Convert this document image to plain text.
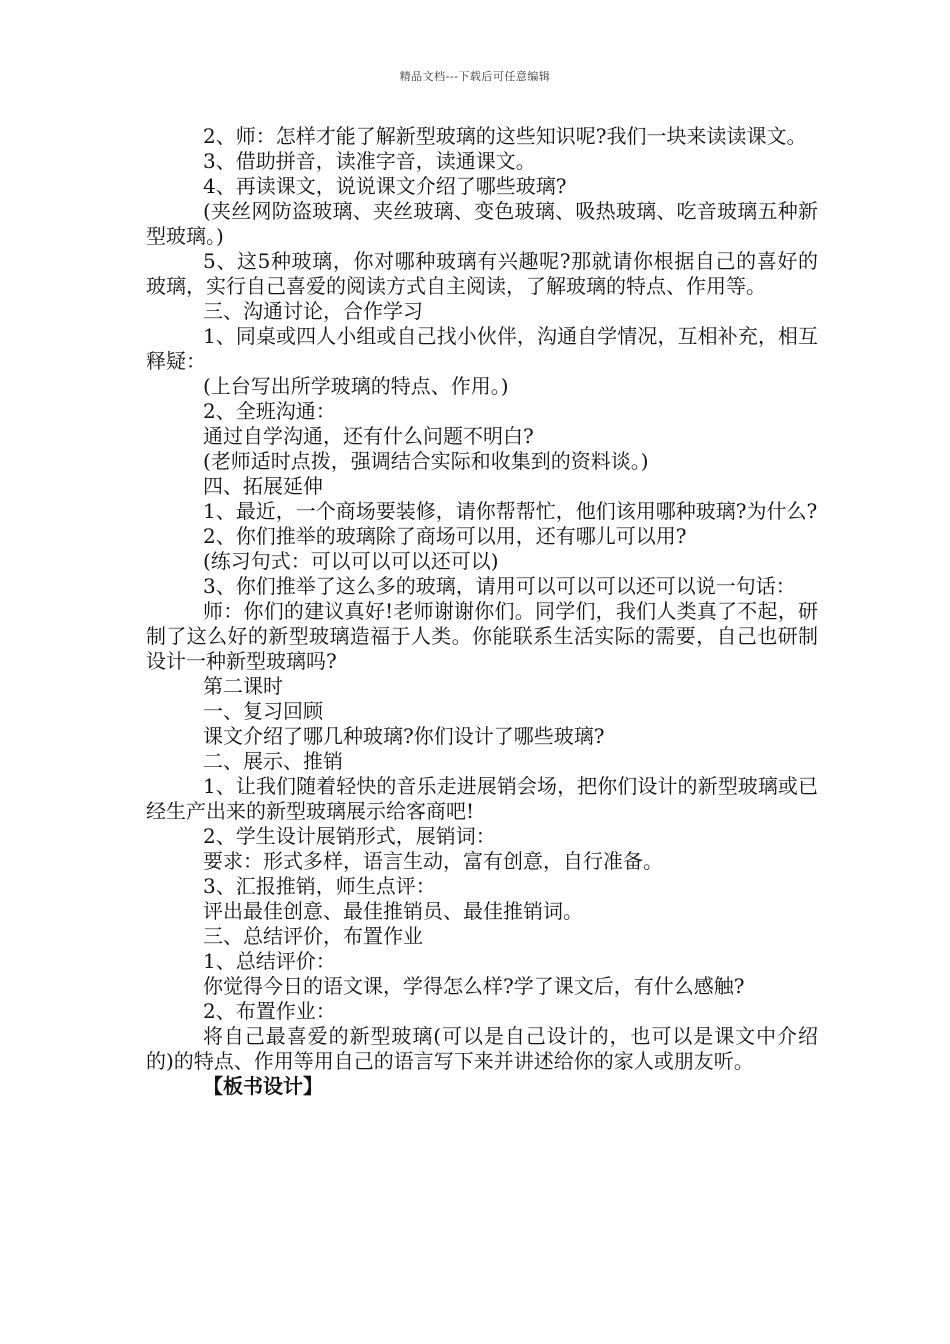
精品文档---下载后可任意编辑

2、师：怎样才能了解新型玻璃的这些知识呢?我们一块来读读课文。

3、借助拼音，读准字音，读通课文。

4、再读课文，说说课文介绍了哪些玻璃?

(夹丝网防盗玻璃、夹丝玻璃、变色玻璃、吸热玻璃、吃音玻璃五种新型玻璃。)

5、这5种玻璃，你对哪种玻璃有兴趣呢?那就请你根据自己的喜好的玻璃，实行自己喜爱的阅读方式自主阅读，了解玻璃的特点、作用等。

三、沟通讨论，合作学习

1、同桌或四人小组或自己找小伙伴，沟通自学情况，互相补充，相互释疑：

(上台写出所学玻璃的特点、作用。)

2、全班沟通：

通过自学沟通，还有什么问题不明白?

(老师适时点拨，强调结合实际和收集到的资料谈。)

四、拓展延伸

1、最近，一个商场要装修，请你帮帮忙，他们该用哪种玻璃?为什么?

2、你们推举的玻璃除了商场可以用，还有哪儿可以用?

(练习句式：可以可以可以还可以)

3、你们推举了这么多的玻璃，请用可以可以可以还可以说一句话：

师：你们的建议真好!老师谢谢你们。同学们，我们人类真了不起，研制了这么好的新型玻璃造福于人类。你能联系生活实际的需要，自己也研制设计一种新型玻璃吗?

第二课时

一、复习回顾

课文介绍了哪几种玻璃?你们设计了哪些玻璃?

二、展示、推销

1、让我们随着轻快的音乐走进展销会场，把你们设计的新型玻璃或已经生产出来的新型玻璃展示给客商吧!

2、学生设计展销形式，展销词：

要求：形式多样，语言生动，富有创意，自行准备。

3、汇报推销，师生点评：

评出最佳创意、最佳推销员、最佳推销词。

三、总结评价，布置作业

1、总结评价：

你觉得今日的语文课，学得怎么样?学了课文后，有什么感触?

2、布置作业：

将自己最喜爱的新型玻璃(可以是自己设计的，也可以是课文中介绍的)的特点、作用等用自己的语言写下来并讲述给你的家人或朋友听。

【板书设计】
